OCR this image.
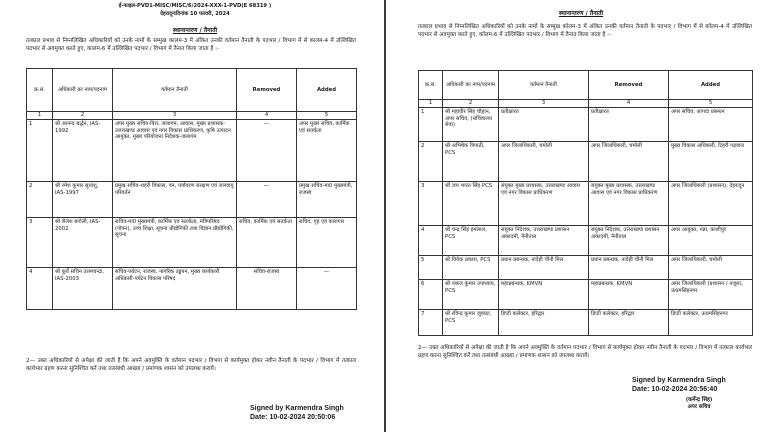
ई-फाइल-PVD1-MISC/MISC/6/2024-XXX-1-PVD(E 68319 )
देहरादूनःदिनांक 10 फरवरी, 2024
स्थानान्तरण / तैनाती
तत्काल प्रभाव से निम्नलिखित अधिकारियों को उनके नामों के सम्मुख कालम-3 में अंकित उनकी वर्तमान तैनाती के पदभार / विभाग में से कालम-4 में उल्लिखित पदभार से अवमुक्त करते हुए, कालम-6 में उल्लिखित पदभार / विभाग में तैनात किया जाता है :-
क्र.सं.	अधिकारी का नाम/पदनाम	वर्तमान तैनाती	Removed	Added
1	2	3	4	5
1	श्री आनन्द बर्द्धन, IAS-1992	अपर मुख्य सचिव-वित्त, जलागम, आवास, मुख्य प्रशासक-उत्तराखण्ड आवास एवं नगर विकास प्राधिकरण, कृषि उत्पादन आयुक्त, मुख्य परियोजना निदेशक-जलागम	—	अपर मुख्य सचिव, कार्मिक एवं सतर्कता
2	श्री रमेश कुमार सुधांशु, IAS-1997	प्रमुख सचिव-शहरी विकास, वन, पर्यावरण संरक्षण एवं जलवायु परिवर्तन	—	प्रमुख सचिव-मा0 मुख्यमंत्री, राजस्व
3	श्री शैलेश बगोली, IAS-2002	सचिव-मा0 मुख्यमंत्री, कार्मिक एवं सतर्कता, मंत्रिपरिषद (गोपन), उच्च शिक्षा, सूचना प्रौद्योगिकी तथा विज्ञान प्रौद्योगिकी, सूचना	सचिव, कार्मिक एवं सतर्कता	सचिव, गृह एवं कारागार
4	श्री कुर्वे सचिन उत्तमचन्द्रा, IAS-2003	सचिव-पर्यटन, राजस्व, नागरिक उड्डयन, मुख्य कार्यकारी अधिकारी-पर्यटन विकास परिषद	सचिव-राजस्व	—
2— उक्त अधिकारियों से अपेक्षा की जाती है कि अपने अवमुक्ति के वर्तमान पदभार / विभाग से कार्यमुक्त होकर नवीन तैनाती के पदभार / विभाग में तत्काल कार्यभार ग्रहण करना सुनिश्चित करें तथा तत्संबंधी आख्या / प्रमाणक शासन को उपलब्ध करायें।
Signed by Karmendra Singh
Date: 10-02-2024 20:50:06
स्थानान्तरण / तैनाती
तत्काल प्रभाव से निम्नलिखित अधिकारियों को उनके नामों के सम्मुख कॉलम-3 में अंकित उनकी वर्तमान तैनाती के पदभार / विभाग में से कॉलम-4 में उल्लिखित पदभार से अवमुक्त करते हुए, कॉलम-6 में उल्लिखित पदभार / विभाग में तैनात किया जाता है :-
क्र.सं.	अधिकारी का नाम/पदनाम	वर्तमान तैनाती	Removed	Added
1	2	3	4	5
1	श्री महावीर सिंह चौहान, अपर सचिव, (सचिवालय सेवा)	प्रतीक्षारत	प्रतीक्षारत	अपर सचिव, आपदा प्रबन्धन
2	श्री अभिषेक त्रिपाठी, PCS	अपर जिलाधिकारी, चमोली	अपर जिलाधिकारी, चमोली	मुख्य विकास अधिकारी, टिहरी गढ़वाल
3	श्री जय भारत सिंह PCS	संयुक्त मुख्य प्रशासक, उत्तराखण्ड आवास एवं नगर विकास प्राधिकरण	संयुक्त मुख्य प्रशासक, उत्तराखण्ड आवास एवं नगर विकास प्राधिकरण	अपर जिलाधिकारी (प्रशासन), देहरादून
4	श्री चन्द्र सिंह इमलाल, PCS	संयुक्त निदेशक, उत्तराखण्ड प्रशासन अकादमी, नैनीताल	संयुक्त निदेशक, उत्तराखण्ड प्रशासन अकादमी, नैनीताल	अपर आयुक्त, गन्ना, काशीपुर
5	श्री विवेक प्रकाश, PCS	प्रधान प्रबन्धक, नादेही चीनी मिल	प्रधान प्रबन्धक, नादेही चीनी मिल	अपर जिलाधिकारी, चमोली
6	श्री पंकज कुमार उपाध्याय, PCS	महाप्रबन्धक, KMVN	महाप्रबन्धक, KMVN	अपर जिलाधिकारी (प्रशासन / नजूल), ऊधमसिंहनगर
7	श्री रविन्द्र कुमार जुवांठा, PCS	डिप्टी कलेक्टर, हरिद्वार	डिप्टी कलेक्टर, हरिद्वार	डिप्टी कलेक्टर, ऊधमसिंहनगर
2— उक्त अधिकारियों से अपेक्षा की जाती है कि अपने अवमुक्ति के वर्तमान पदभार / विभाग से कार्यमुक्त होकर नवीन तैनाती के पदभार / विभाग में तत्काल कार्यभार ग्रहण करना सुनिश्चित करें तथा तत्संबंधी आख्या / प्रमाणक शासन को उपलब्ध करायें।
Signed by Karmendra Singh
Date: 10-02-2024 20:56:40
(कर्मेन्द्र सिंह)
अपर सचिव
